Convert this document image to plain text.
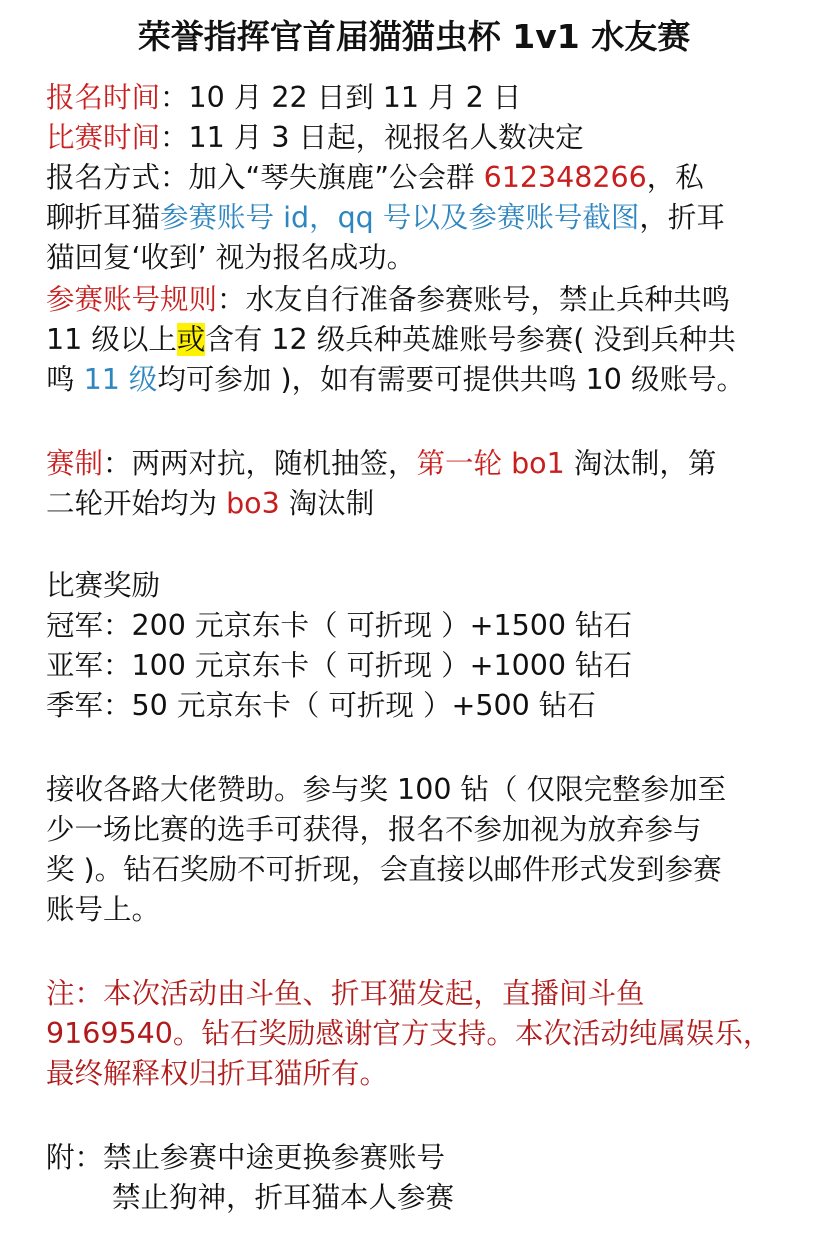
荣誉指挥官首届猫猫虫杯 1v1 水友赛
报名时间：10 月 22 日到 11 月 2 日
比赛时间：11 月 3 日起，视报名人数决定
报名方式：加入“琴失旗鹿”公会群 612348266，私
聊折耳猫参赛账号 id，qq 号以及参赛账号截图，折耳
猫回复‘收到’ 视为报名成功。
参赛账号规则：水友自行准备参赛账号，禁止兵种共鸣
11 级以上或含有 12 级兵种英雄账号参赛( 没到兵种共
鸣 11 级均可参加 )，如有需要可提供共鸣 10 级账号。
赛制：两两对抗，随机抽签，第一轮 bo1 淘汰制，第
二轮开始均为 bo3 淘汰制
比赛奖励
冠军：200 元京东卡（ 可折现 ）+1500 钻石
亚军：100 元京东卡（ 可折现 ）+1000 钻石
季军：50 元京东卡（ 可折现 ）+500 钻石
接收各路大佬赞助。参与奖 100 钻（ 仅限完整参加至
少一场比赛的选手可获得，报名不参加视为放弃参与
奖 )。钻石奖励不可折现，会直接以邮件形式发到参赛
账号上。
注：本次活动由斗鱼、折耳猫发起，直播间斗鱼
9169540。钻石奖励感谢官方支持。本次活动纯属娱乐，
最终解释权归折耳猫所有。
附：禁止参赛中途更换参赛账号
禁止狗神，折耳猫本人参赛
